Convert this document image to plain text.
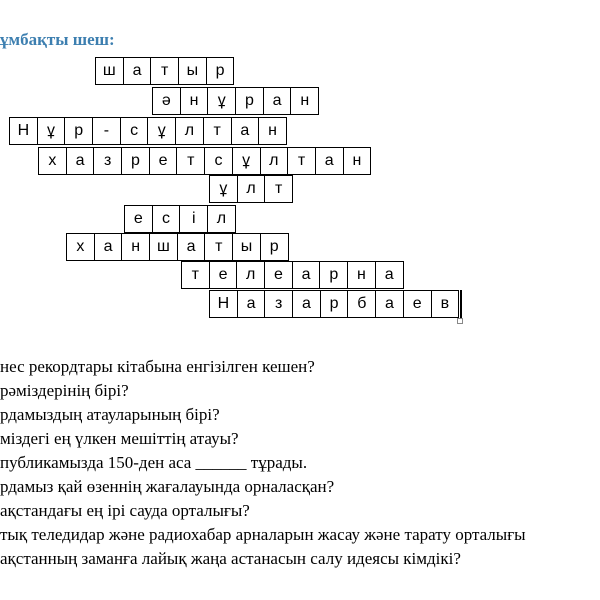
ұмбақты шеш:
ш	а	т	ы	р
ә	н	ұ	р	а	н
Н	ұ	р	-	с	ұ	л	т	а	н
х	а	з	р	е	т	с	ұ	л	т	а	н
ұ	л	т
е	с	і	л
х	а	н	ш	а	т	ы	р
т	е	л	е	а	р	н	а
Н	а	з	а	р	б	а	е	в
нес рекордтары кітабына енгізілген кешен?
рәміздерінің бірі?
рдамыздың атауларының бірі?
міздегі ең үлкен мешіттің атауы?
публикамызда 150-ден аса ______ тұрады.
рдамыз қай өзеннің жағалауында орналасқан?
ақстандағы ең ірі сауда орталығы?
тық теледидар және радиохабар арналарын жасау және тарату орталығы
ақстанның заманға лайық жаңа астанасын салу идеясы кімдікі?
